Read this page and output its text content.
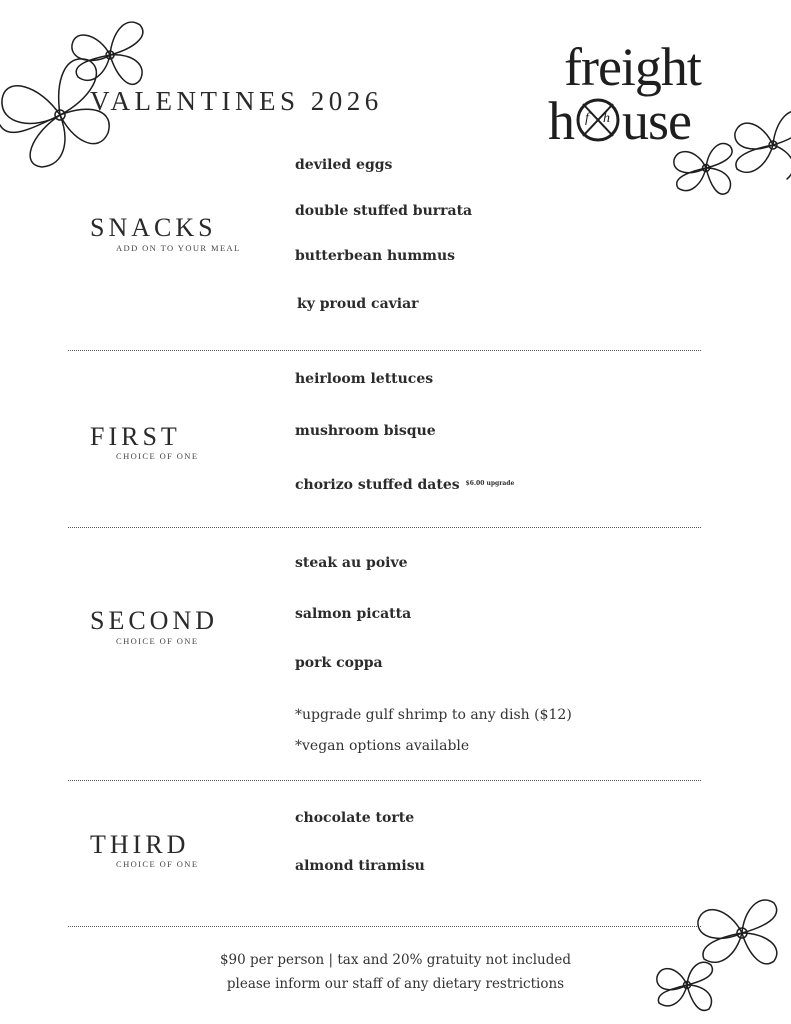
VALENTINES 2026
freight
h f h use
SNACKS
ADD ON TO YOUR MEAL
deviled eggs
double stuffed burrata
butterbean hummus
ky proud caviar
FIRST
CHOICE OF ONE
heirloom lettuces
mushroom bisque
chorizo stuffed dates $^{\$6.00 upgrade}$
SECOND
CHOICE OF ONE
steak au poive
salmon picatta
pork coppa
*upgrade gulf shrimp to any dish ($12)
*vegan options available
THIRD
CHOICE OF ONE
chocolate torte
almond tiramisu
$90 per person | tax and 20% gratuity not included
please inform our staff of any dietary restrictions
